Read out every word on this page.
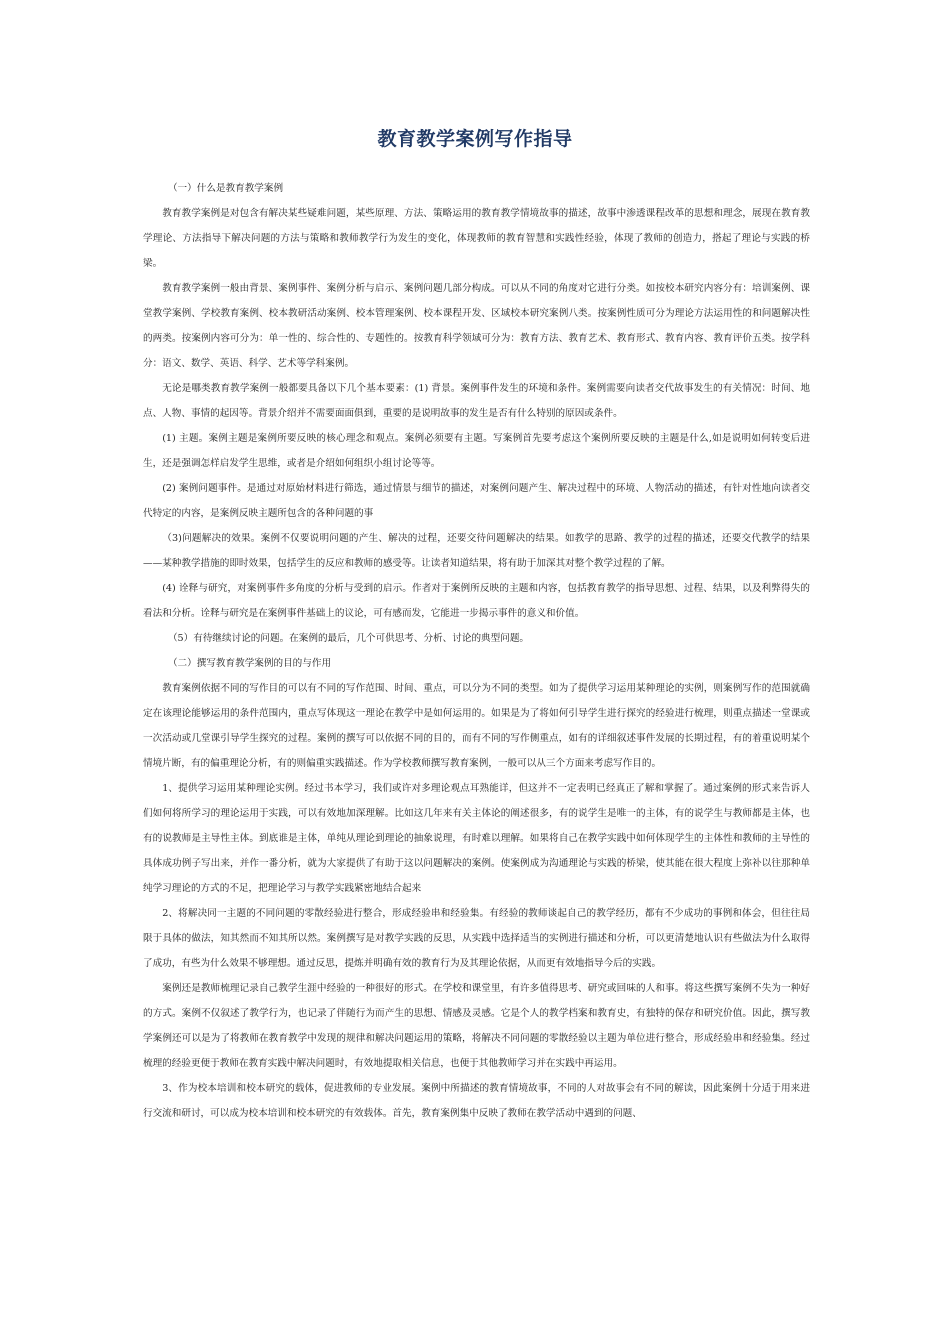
教育教学案例写作指导

（一）什么是教育教学案例

教育教学案例是对包含有解决某些疑难问题，某些原理、方法、策略运用的教育教学情境故事的描述，故事中渗透课程改革的思想和理念，展现在教育教学理论、方法指导下解决问题的方法与策略和教师教学行为发生的变化，体现教师的教育智慧和实践性经验，体现了教师的创造力，搭起了理论与实践的桥梁。

教育教学案例一般由背景、案例事件、案例分析与启示、案例问题几部分构成。可以从不同的角度对它进行分类。如按校本研究内容分有：培训案例、课堂教学案例、学校教育案例、校本教研活动案例、校本管理案例、校本课程开发、区域校本研究案例八类。按案例性质可分为理论方法运用性的和问题解决性的两类。按案例内容可分为：单一性的、综合性的、专题性的。按教育科学领域可分为：教育方法、教育艺术、教育形式、教育内容、教育评价五类。按学科分：语文、数学、英语、科学、艺术等学科案例。

无论是哪类教育教学案例一般都要具备以下几个基本要素：(1) 背景。案例事件发生的环境和条件。案例需要向读者交代故事发生的有关情况：时间、地点、人物、事情的起因等。背景介绍并不需要面面俱到，重要的是说明故事的发生是否有什么特别的原因或条件。

(1) 主题。案例主题是案例所要反映的核心理念和观点。案例必须要有主题。写案例首先要考虑这个案例所要反映的主题是什么,如是说明如何转变后进生，还是强调怎样启发学生思维，或者是介绍如何组织小组讨论等等。

(2) 案例问题事件。是通过对原始材料进行筛选，通过情景与细节的描述，对案例问题产生、解决过程中的环境、人物活动的描述，有针对性地向读者交代特定的内容，是案例反映主题所包含的各种问题的事

（3)问题解决的效果。案例不仅要说明问题的产生、解决的过程，还要交待问题解决的结果。如教学的思路、教学的过程的描述，还要交代教学的结果——某种教学措施的即时效果，包括学生的反应和教师的感受等。让读者知道结果，将有助于加深其对整个教学过程的了解。

(4) 诠释与研究，对案例事件多角度的分析与受到的启示。作者对于案例所反映的主题和内容，包括教育教学的指导思想、过程、结果，以及利弊得失的看法和分析。诠释与研究是在案例事件基础上的议论，可有感而发，它能进一步揭示事件的意义和价值。

（5）有待继续讨论的问题。在案例的最后，几个可供思考、分析、讨论的典型问题。

（二）撰写教育教学案例的目的与作用

教育案例依据不同的写作目的可以有不同的写作范围、时间、重点，可以分为不同的类型。如为了提供学习运用某种理论的实例，则案例写作的范围就确定在该理论能够运用的条件范围内，重点写体现这一理论在教学中是如何运用的。如果是为了将如何引导学生进行探究的经验进行梳理，则重点描述一堂课或一次活动或几堂课引导学生探究的过程。案例的撰写可以依据不同的目的，而有不同的写作侧重点，如有的详细叙述事件发展的长期过程，有的着重说明某个情境片断，有的偏重理论分析，有的则偏重实践描述。作为学校教师撰写教育案例，一般可以从三个方面来考虑写作目的。

1、提供学习运用某种理论实例。经过书本学习，我们或许对多理论观点耳熟能详，但这并不一定表明已经真正了解和掌握了。通过案例的形式来告诉人们如何将所学习的理论运用于实践，可以有效地加深理解。比如这几年来有关主体论的阐述很多，有的说学生是唯一的主体，有的说学生与教师都是主体，也有的说教师是主导性主体。到底谁是主体，单纯从理论到理论的抽象说理，有时难以理解。如果将自己在教学实践中如何体现学生的主体性和教师的主导性的具体成功例子写出来，并作一番分析，就为大家提供了有助于这以问题解决的案例。使案例成为沟通理论与实践的桥梁，使其能在很大程度上弥补以往那种单纯学习理论的方式的不足，把理论学习与教学实践紧密地结合起来

2、将解决同一主题的不同问题的零散经验进行整合，形成经验串和经验集。有经验的教师谈起自己的教学经历，都有不少成功的事例和体会，但往往局限于具体的做法，知其然而不知其所以然。案例撰写是对教学实践的反思，从实践中选择适当的实例进行描述和分析，可以更清楚地认识有些做法为什么取得了成功，有些为什么效果不够理想。通过反思，提炼并明确有效的教育行为及其理论依据，从而更有效地指导今后的实践。

案例还是教师梳理记录自己教学生涯中经验的一种很好的形式。在学校和课堂里，有许多值得思考、研究或回味的人和事。将这些撰写案例不失为一种好的方式。案例不仅叙述了教学行为，也记录了伴随行为而产生的思想、情感及灵感。它是个人的教学档案和教育史，有独特的保存和研究价值。因此，撰写教学案例还可以是为了将教师在教育教学中发现的规律和解决问题运用的策略，将解决不同问题的零散经验以主题为单位进行整合，形成经验串和经验集。经过梳理的经验更便于教师在教育实践中解决问题时，有效地提取相关信息，也便于其他教师学习并在实践中再运用。

3、作为校本培训和校本研究的载体，促进教师的专业发展。案例中所描述的教育情境故事，不同的人对故事会有不同的解读，因此案例十分适于用来进行交流和研讨，可以成为校本培训和校本研究的有效载体。首先，教育案例集中反映了教师在教学活动中遇到的问题、
